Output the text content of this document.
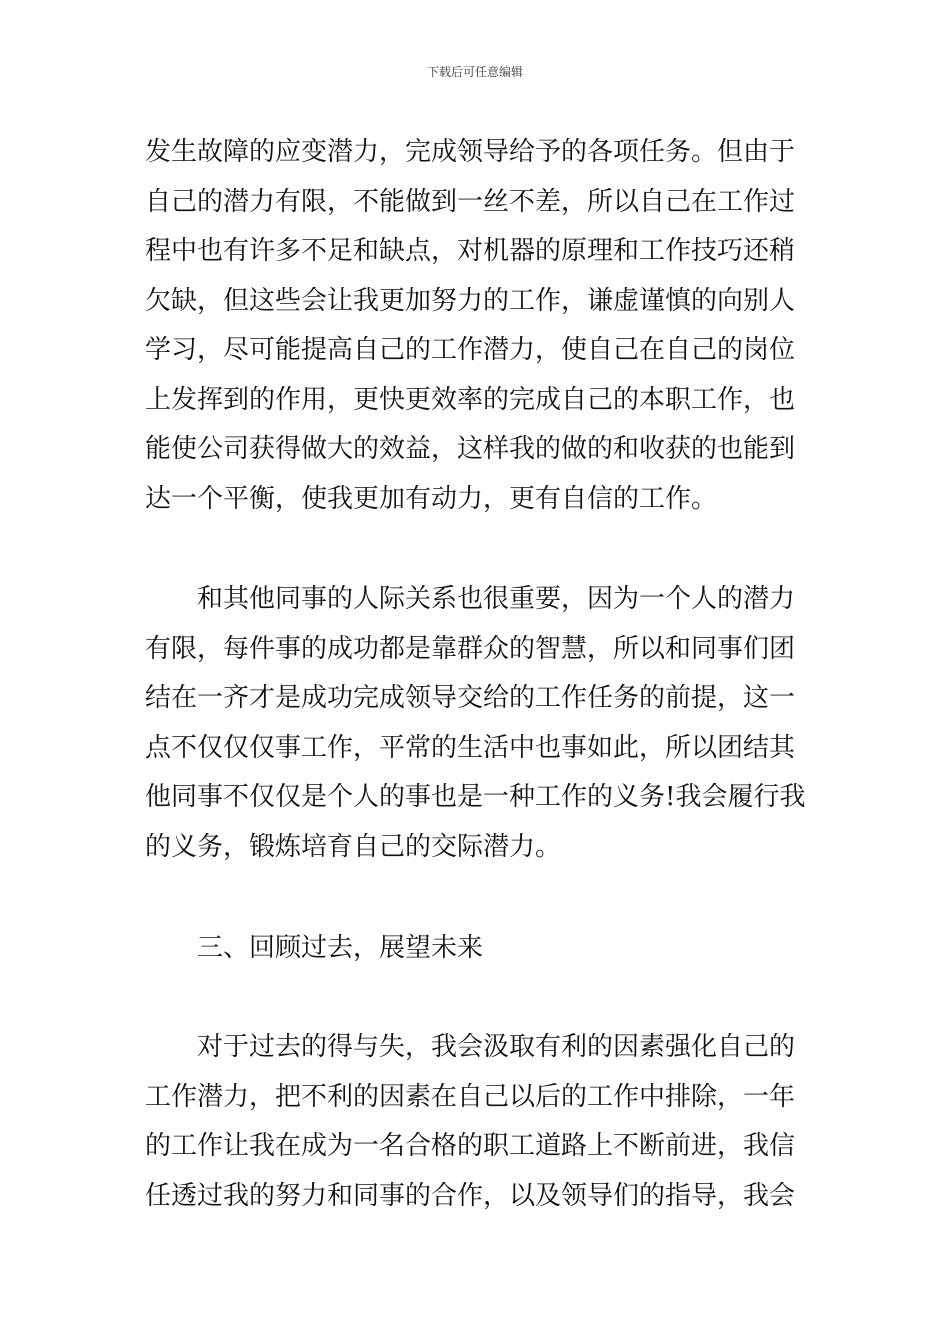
下载后可任意编辑
发生故障的应变潜力，完成领导给予的各项任务。但由于
自己的潜力有限，不能做到一丝不差，所以自己在工作过
程中也有许多不足和缺点，对机器的原理和工作技巧还稍
欠缺，但这些会让我更加努力的工作，谦虚谨慎的向别人
学习，尽可能提高自己的工作潜力，使自己在自己的岗位
上发挥到的作用，更快更效率的完成自己的本职工作，也
能使公司获得做大的效益，这样我的做的和收获的也能到
达一个平衡，使我更加有动力，更有自信的工作。
和其他同事的人际关系也很重要，因为一个人的潜力
有限，每件事的成功都是靠群众的智慧，所以和同事们团
结在一齐才是成功完成领导交给的工作任务的前提，这一
点不仅仅仅事工作，平常的生活中也事如此，所以团结其
他同事不仅仅是个人的事也是一种工作的义务!我会履行我
的义务，锻炼培育自己的交际潜力。
三、回顾过去，展望未来
对于过去的得与失，我会汲取有利的因素强化自己的
工作潜力，把不利的因素在自己以后的工作中排除，一年
的工作让我在成为一名合格的职工道路上不断前进，我信
任透过我的努力和同事的合作，以及领导们的指导，我会
